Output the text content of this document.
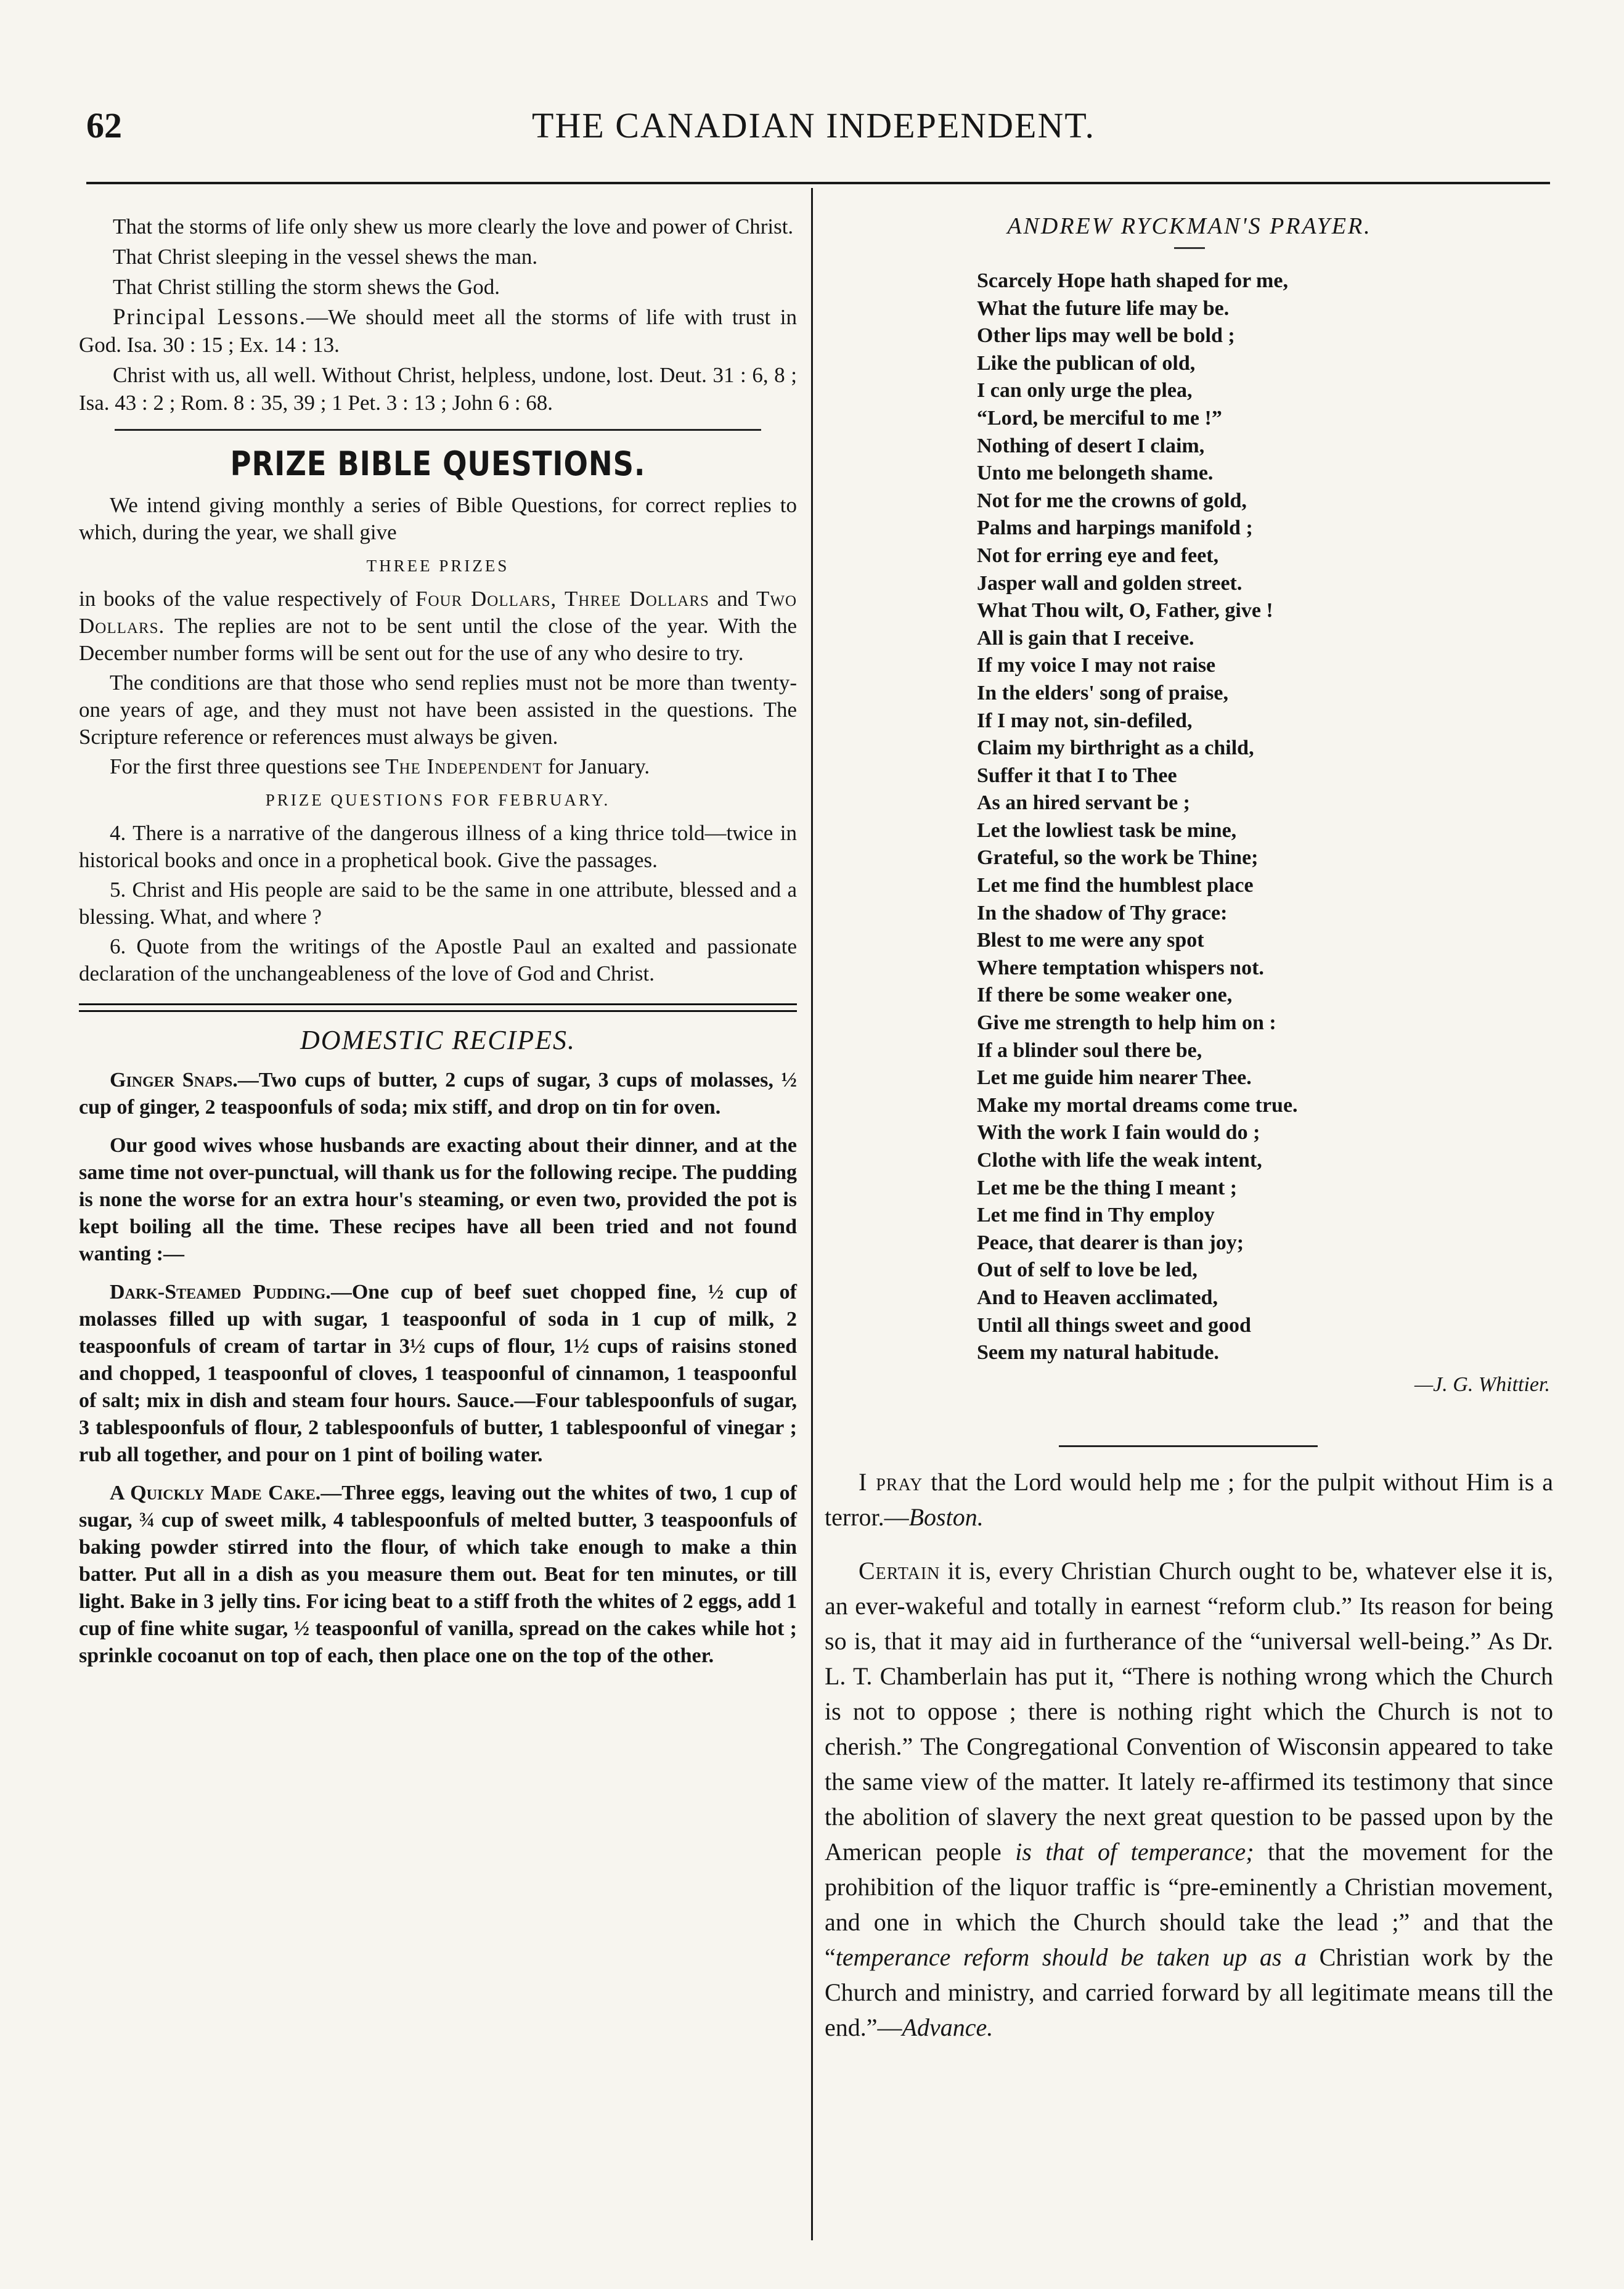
THE CANADIAN INDEPENDENT.
62

That the storms of life only shew us more clearly the love and power of Christ.

That Christ sleeping in the vessel shews the man.

That Christ stilling the storm shews the God.

Principal Lessons.—We should meet all the storms of life with trust in God. Isa. 30 : 15 ; Ex. 14 : 13.

Christ with us, all well. Without Christ, helpless, undone, lost. Deut. 31 : 6, 8 ; Isa. 43 : 2 ; Rom. 8 : 35, 39 ; 1 Pet. 3 : 13 ; John 6 : 68.

PRIZE BIBLE QUESTIONS.

We intend giving monthly a series of Bible Questions, for correct replies to which, during the year, we shall give

THREE PRIZES

in books of the value respectively of Four Dollars, Three Dollars and Two Dollars. The replies are not to be sent until the close of the year. With the December number forms will be sent out for the use of any who desire to try.

The conditions are that those who send replies must not be more than twenty-one years of age, and they must not have been assisted in the questions. The Scripture reference or references must always be given.

For the first three questions see The Independent for January.

PRIZE QUESTIONS FOR FEBRUARY.

4. There is a narrative of the dangerous illness of a king thrice told—twice in historical books and once in a prophetical book. Give the passages.

5. Christ and His people are said to be the same in one attribute, blessed and a blessing. What, and where ?

6. Quote from the writings of the Apostle Paul an exalted and passionate declaration of the unchangeableness of the love of God and Christ.

DOMESTIC RECIPES.

Ginger Snaps.—Two cups of butter, 2 cups of sugar, 3 cups of molasses, ½ cup of ginger, 2 teaspoonfuls of soda; mix stiff, and drop on tin for oven.

Our good wives whose husbands are exacting about their dinner, and at the same time not over-punctual, will thank us for the following recipe. The pudding is none the worse for an extra hour's steaming, or even two, provided the pot is kept boiling all the time. These recipes have all been tried and not found wanting :—

Dark-Steamed Pudding.—One cup of beef suet chopped fine, ½ cup of molasses filled up with sugar, 1 teaspoonful of soda in 1 cup of milk, 2 teaspoonfuls of cream of tartar in 3½ cups of flour, 1½ cups of raisins stoned and chopped, 1 teaspoonful of cloves, 1 teaspoonful of cinnamon, 1 teaspoonful of salt; mix in dish and steam four hours. Sauce.—Four tablespoonfuls of sugar, 3 tablespoonfuls of flour, 2 tablespoonfuls of butter, 1 tablespoonful of vinegar ; rub all together, and pour on 1 pint of boiling water.

A Quickly Made Cake.—Three eggs, leaving out the whites of two, 1 cup of sugar, ¾ cup of sweet milk, 4 tablespoonfuls of melted butter, 3 teaspoonfuls of baking powder stirred into the flour, of which take enough to make a thin batter. Put all in a dish as you measure them out. Beat for ten minutes, or till light. Bake in 3 jelly tins. For icing beat to a stiff froth the whites of 2 eggs, add 1 cup of fine white sugar, ½ teaspoonful of vanilla, spread on the cakes while hot ; sprinkle cocoanut on top of each, then place one on the top of the other.

ANDREW RYCKMAN'S PRAYER.
Scarcely Hope hath shaped for me,
What the future life may be.
Other lips may well be bold ;
Like the publican of old,
I can only urge the plea,
“Lord, be merciful to me !”
Nothing of desert I claim,
Unto me belongeth shame.
Not for me the crowns of gold,
Palms and harpings manifold ;
Not for erring eye and feet,
Jasper wall and golden street.
What Thou wilt, O, Father, give !
All is gain that I receive.
If my voice I may not raise
In the elders' song of praise,
If I may not, sin-defiled,
Claim my birthright as a child,
Suffer it that I to Thee
As an hired servant be ;
Let the lowliest task be mine,
Grateful, so the work be Thine;
Let me find the humblest place
In the shadow of Thy grace:
Blest to me were any spot
Where temptation whispers not.
If there be some weaker one,
Give me strength to help him on :
If a blinder soul there be,
Let me guide him nearer Thee.
Make my mortal dreams come true.
With the work I fain would do ;
Clothe with life the weak intent,
Let me be the thing I meant ;
Let me find in Thy employ
Peace, that dearer is than joy;
Out of self to love be led,
And to Heaven acclimated,
Until all things sweet and good
Seem my natural habitude.
—J. G. Whittier.

I pray that the Lord would help me ; for the pulpit without Him is a terror.—Boston.

Certain it is, every Christian Church ought to be, whatever else it is, an ever-wakeful and totally in earnest “reform club.” Its reason for being so is, that it may aid in furtherance of the “universal well-being.” As Dr. L. T. Chamberlain has put it, “There is nothing wrong which the Church is not to oppose ; there is nothing right which the Church is not to cherish.” The Congregational Convention of Wisconsin appeared to take the same view of the matter. It lately re-affirmed its testimony that since the abolition of slavery the next great question to be passed upon by the American people is that of temperance; that the movement for the prohibition of the liquor traffic is “pre-eminently a Christian movement, and one in which the Church should take the lead ;” and that the “temperance reform should be taken up as a Christian work by the Church and ministry, and carried forward by all legitimate means till the end.”—Advance.
